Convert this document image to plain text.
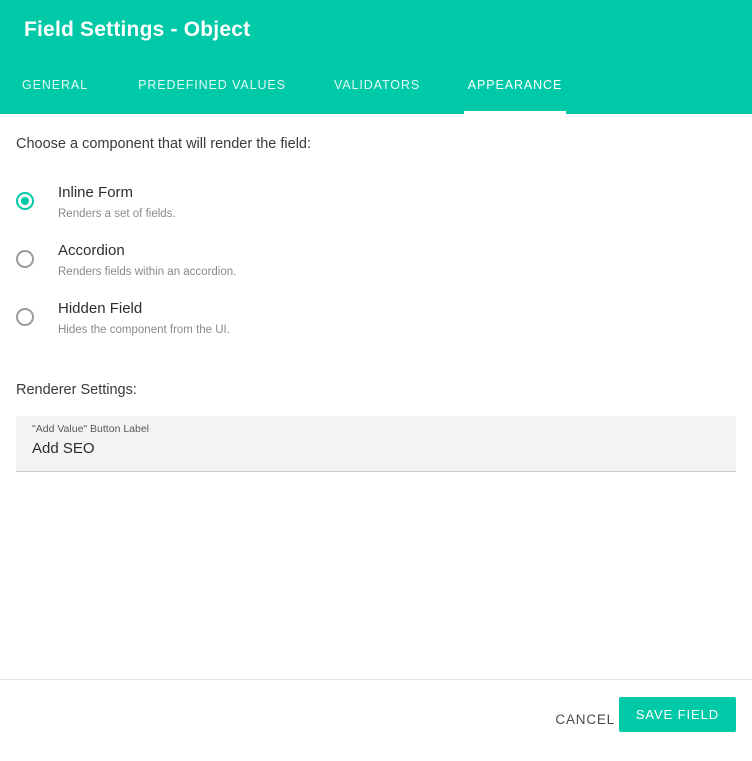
Field Settings - Object
GENERAL	PREDEFINED VALUES	VALIDATORS	APPEARANCE
Choose a component that will render the field:
Inline Form
Renders a set of fields.
Accordion
Renders fields within an accordion.
Hidden Field
Hides the component from the UI.
Renderer Settings:
"Add Value" Button Label
Add SEO
CANCEL	SAVE FIELD
